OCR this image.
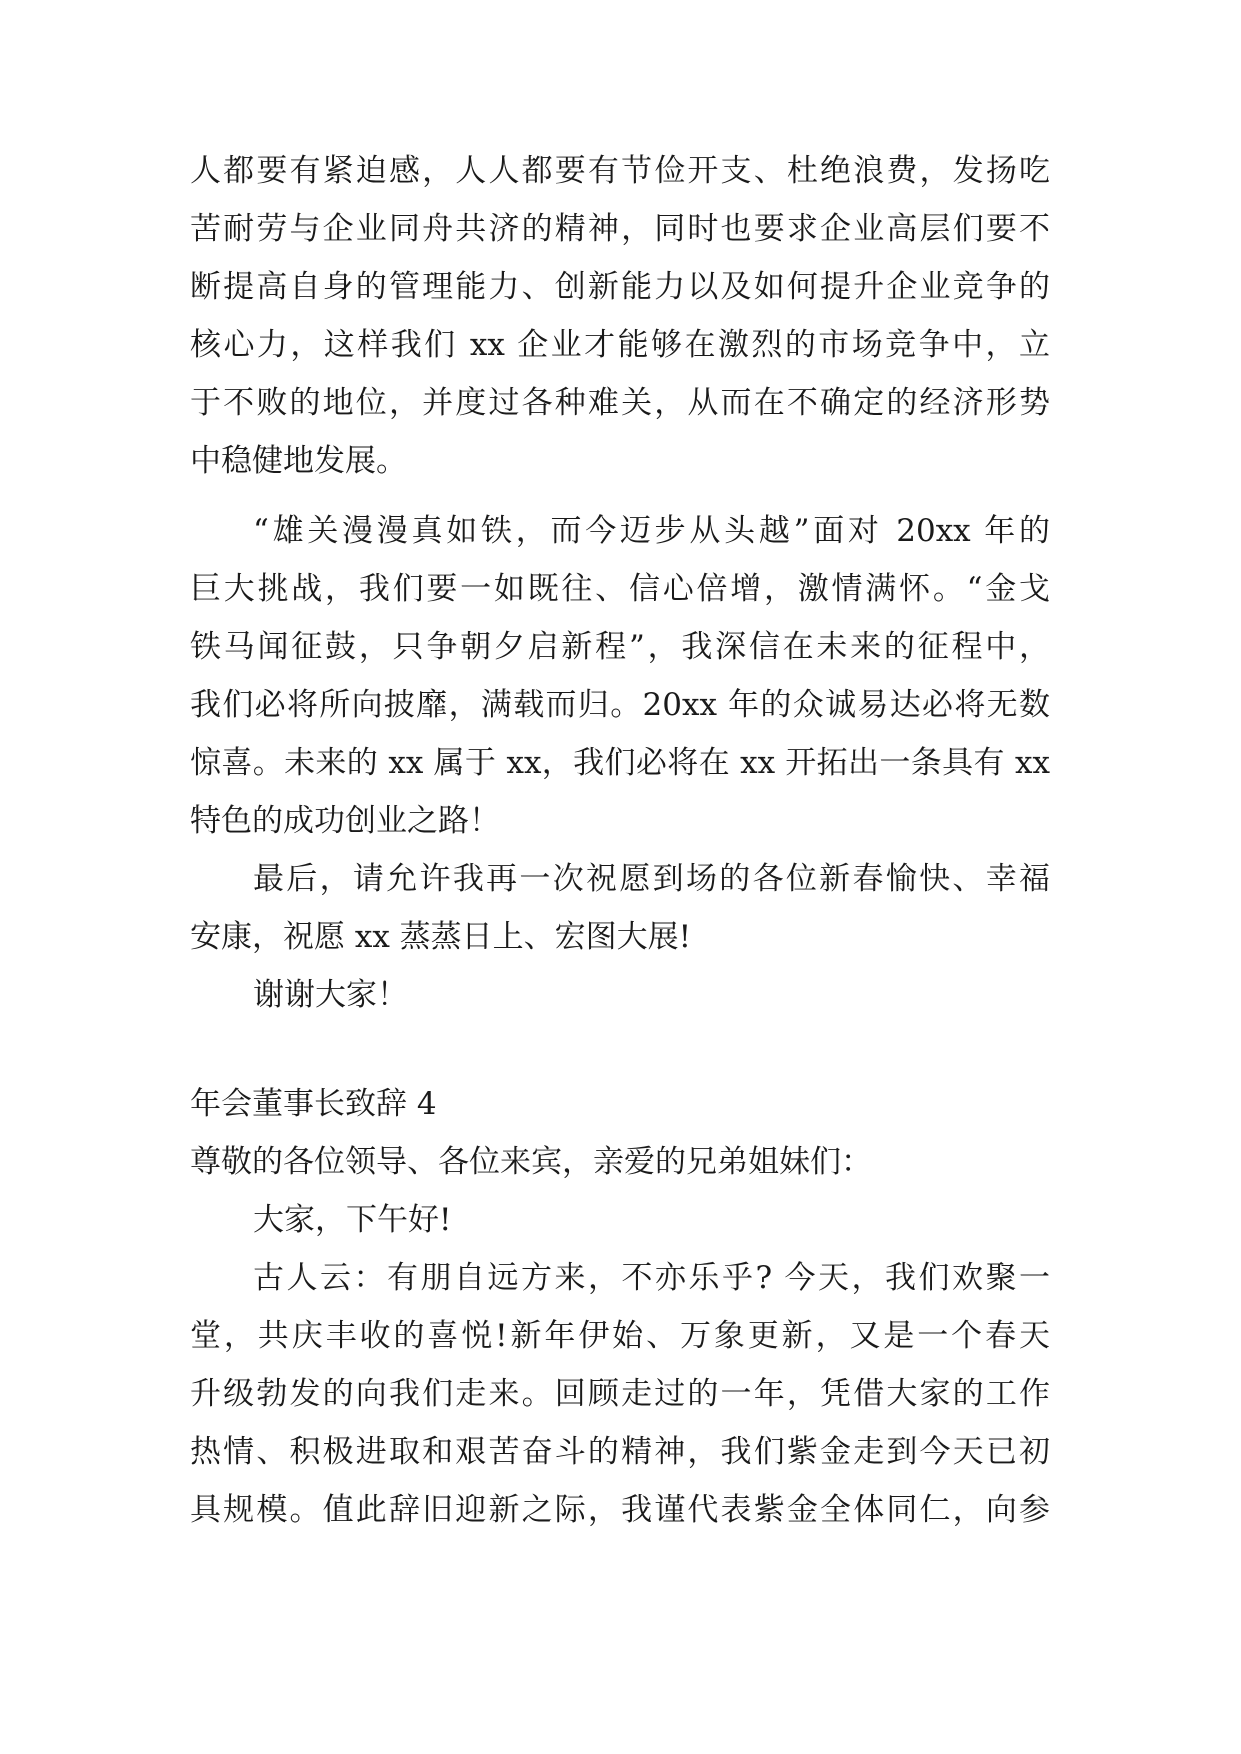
人都要有紧迫感，人人都要有节俭开支、杜绝浪费，发扬吃
苦耐劳与企业同舟共济的精神，同时也要求企业高层们要不
断提高自身的管理能力、创新能力以及如何提升企业竞争的
核心力，这样我们 xx 企业才能够在激烈的市场竞争中，立
于不败的地位，并度过各种难关，从而在不确定的经济形势
中稳健地发展。
“雄关漫漫真如铁，而今迈步从头越”面对 20xx 年的
巨大挑战，我们要一如既往、信心倍增，激情满怀。“金戈
铁马闻征鼓，只争朝夕启新程”，我深信在未来的征程中，
我们必将所向披靡，满载而归。20xx 年的众诚易达必将无数
惊喜。未来的 xx 属于 xx，我们必将在 xx 开拓出一条具有 xx
特色的成功创业之路！
最后，请允许我再一次祝愿到场的各位新春愉快、幸福
安康，祝愿 xx 蒸蒸日上、宏图大展!
谢谢大家！
年会董事长致辞 4
尊敬的各位领导、各位来宾，亲爱的兄弟姐妹们：
大家，下午好!
古人云：有朋自远方来，不亦乐乎? 今天，我们欢聚一
堂，共庆丰收的喜悦!新年伊始、万象更新，又是一个春天
升级勃发的向我们走来。回顾走过的一年，凭借大家的工作
热情、积极进取和艰苦奋斗的精神，我们紫金走到今天已初
具规模。值此辞旧迎新之际，我谨代表紫金全体同仁，向参
